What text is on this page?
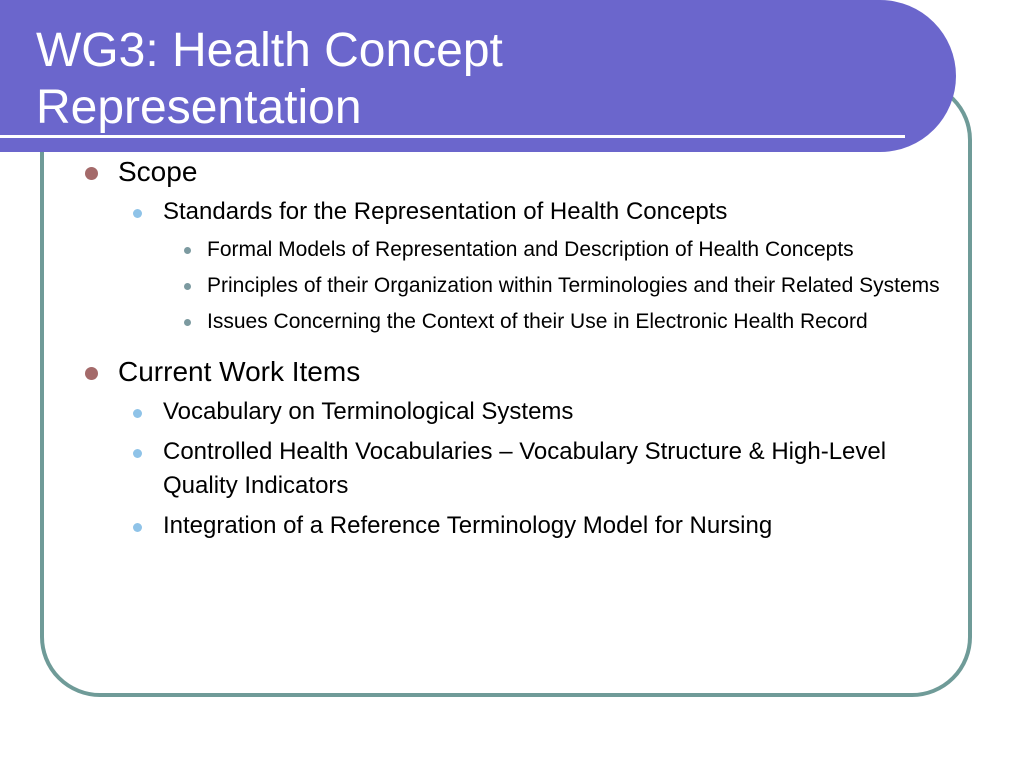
WG3: Health Concept
Representation
Scope
Standards for the Representation of Health Concepts
Formal Models of Representation and Description of Health Concepts
Principles of their Organization within Terminologies and their Related Systems
Issues Concerning the Context of their Use in Electronic Health Record
Current Work Items
Vocabulary on Terminological Systems
Controlled Health Vocabularies – Vocabulary Structure & High-Level Quality Indicators
Integration of a Reference Terminology Model for Nursing
